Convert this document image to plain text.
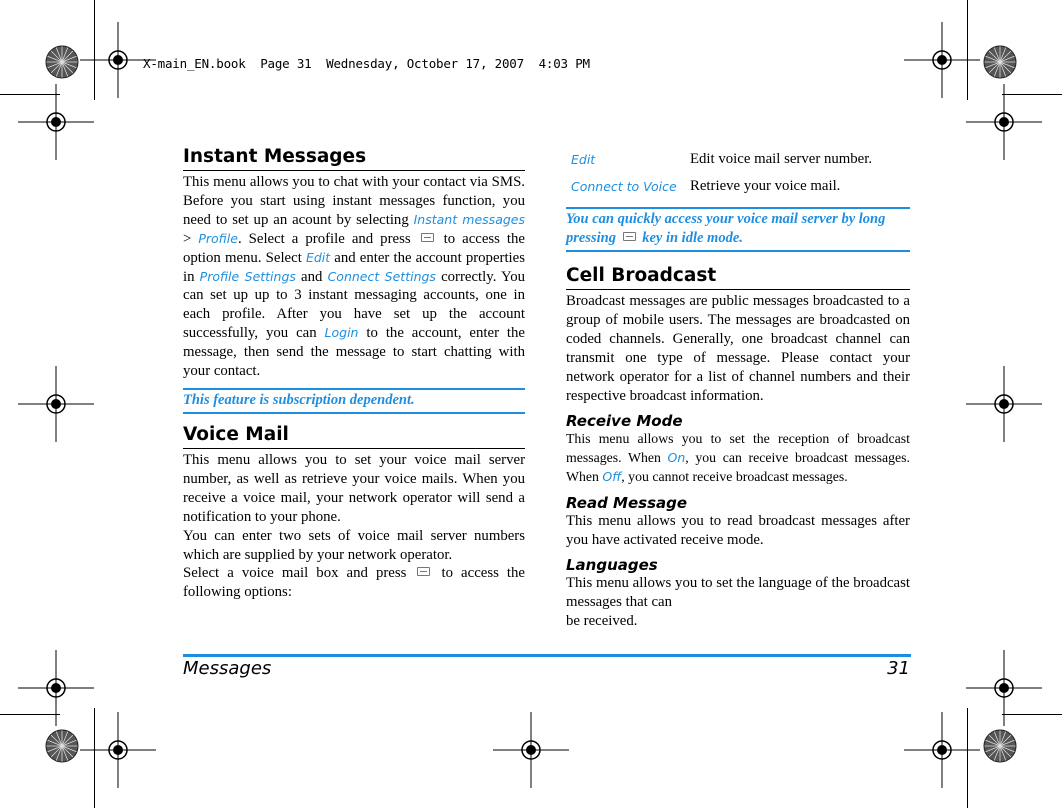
X-main_EN.book  Page 31  Wednesday, October 17, 2007  4:03 PM
Instant Messages

This menu allows you to chat with your contact via SMS. Before you start using instant messages function, you need to set up an acount by selecting Instant messages > Profile. Select a profile and press  to access the option menu. Select Edit and enter the account properties in Profile Settings and Connect Settings correctly. You can set up up to 3 instant messaging accounts, one in each profile. After you have set up the account successfully, you can Login to the account, enter the message, then send the message to start chatting with your contact.

This feature is subscription dependent.
Voice Mail

This menu allows you to set your voice mail server number, as well as retrieve your voice mails. When you receive a voice mail, your network operator will send a notification to your phone.

You can enter two sets of voice mail server numbers which are supplied by your network operator.

Select a voice mail box and press  to access the following options:

Edit	Edit voice mail server number.
Connect to Voice Retrieve your voice mail.
You can quickly access your voice mail server by long pressing  key in idle mode.
Cell Broadcast

Broadcast messages are public messages broadcasted to a group of mobile users. The messages are broadcasted on coded channels. Generally, one broadcast channel can transmit one type of message. Please contact your network operator for a list of channel numbers and their respective broadcast information.

Receive Mode

This menu allows you to set the reception of broadcast messages. When On, you can receive broadcast messages. When Off, you cannot receive broadcast messages.

Read Message

This menu allows you to read broadcast messages after you have activated receive mode.

Languages

This menu allows you to set the language of the broadcast messages that can
be received.

Messages	31
